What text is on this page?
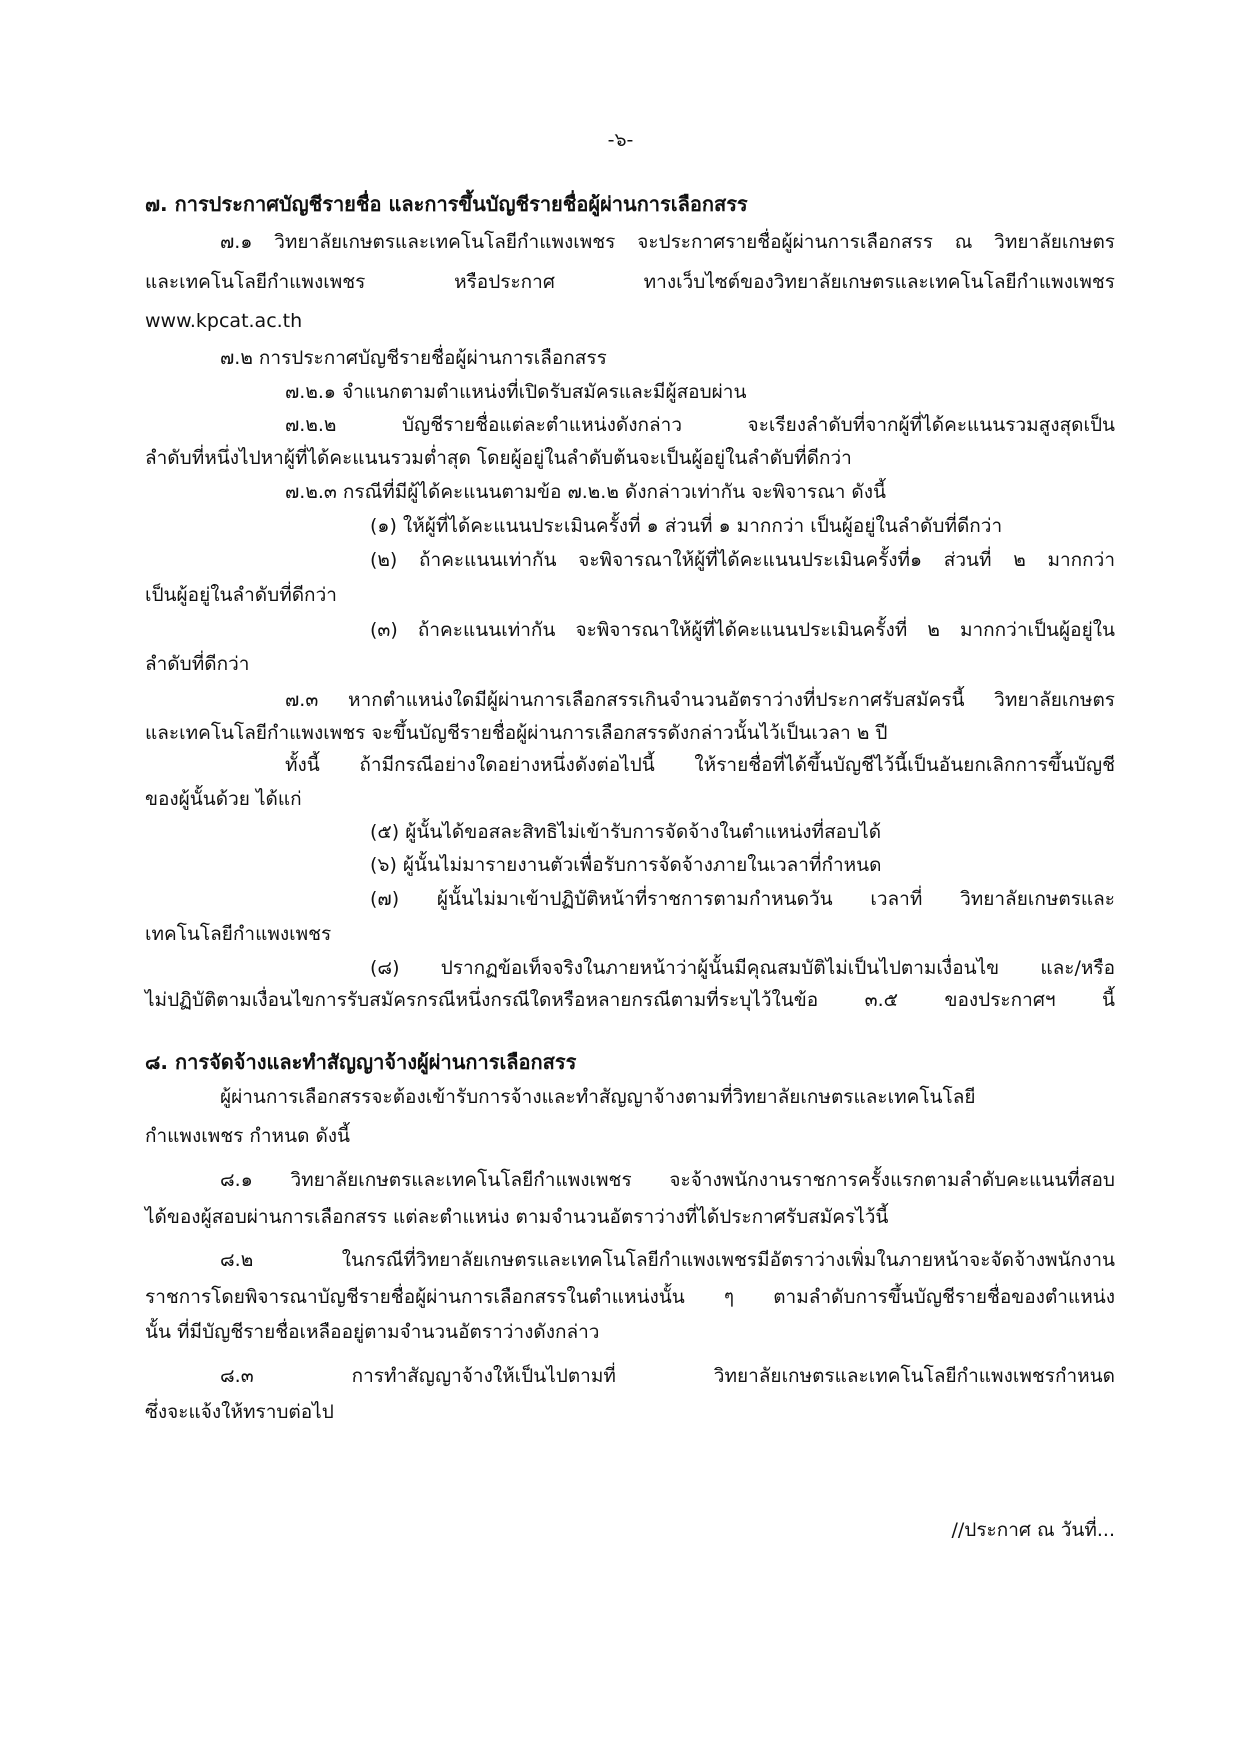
-๖-
๗. การประกาศบัญชีรายชื่อ และการขึ้นบัญชีรายชื่อผู้ผ่านการเลือกสรร
๗.๑ วิทยาลัยเกษตรและเทคโนโลยีกำแพงเพชร จะประกาศรายชื่อผู้ผ่านการเลือกสรร ณ วิทยาลัยเกษตร
และเทคโนโลยีกำแพงเพชร หรือประกาศ ทางเว็บไซต์ของวิทยาลัยเกษตรและเทคโนโลยีกำแพงเพชร
www.kpcat.ac.th
๗.๒ การประกาศบัญชีรายชื่อผู้ผ่านการเลือกสรร
๗.๒.๑ จำแนกตามตำแหน่งที่เปิดรับสมัครและมีผู้สอบผ่าน
๗.๒.๒ บัญชีรายชื่อแต่ละตำแหน่งดังกล่าว จะเรียงลำดับที่จากผู้ที่ได้คะแนนรวมสูงสุดเป็น
ลำดับที่หนึ่งไปหาผู้ที่ได้คะแนนรวมต่ำสุด โดยผู้อยู่ในลำดับต้นจะเป็นผู้อยู่ในลำดับที่ดีกว่า
๗.๒.๓ กรณีที่มีผู้ได้คะแนนตามข้อ ๗.๒.๒ ดังกล่าวเท่ากัน จะพิจารณา ดังนี้
(๑) ให้ผู้ที่ได้คะแนนประเมินครั้งที่ ๑ ส่วนที่ ๑ มากกว่า เป็นผู้อยู่ในลำดับที่ดีกว่า
(๒) ถ้าคะแนนเท่ากัน จะพิจารณาให้ผู้ที่ได้คะแนนประเมินครั้งที่๑ ส่วนที่ ๒ มากกว่า
เป็นผู้อยู่ในลำดับที่ดีกว่า
(๓) ถ้าคะแนนเท่ากัน จะพิจารณาให้ผู้ที่ได้คะแนนประเมินครั้งที่ ๒ มากกว่าเป็นผู้อยู่ใน
ลำดับที่ดีกว่า
๗.๓ หากตำแหน่งใดมีผู้ผ่านการเลือกสรรเกินจำนวนอัตราว่างที่ประกาศรับสมัครนี้ วิทยาลัยเกษตร
และเทคโนโลยีกำแพงเพชร จะขึ้นบัญชีรายชื่อผู้ผ่านการเลือกสรรดังกล่าวนั้นไว้เป็นเวลา ๒ ปี
ทั้งนี้ ถ้ามีกรณีอย่างใดอย่างหนึ่งดังต่อไปนี้ ให้รายชื่อที่ได้ขึ้นบัญชีไว้นี้เป็นอันยกเลิกการขึ้นบัญชี
ของผู้นั้นด้วย ได้แก่
(๕) ผู้นั้นได้ขอสละสิทธิไม่เข้ารับการจัดจ้างในตำแหน่งที่สอบได้
(๖) ผู้นั้นไม่มารายงานตัวเพื่อรับการจัดจ้างภายในเวลาที่กำหนด
(๗) ผู้นั้นไม่มาเข้าปฏิบัติหน้าที่ราชการตามกำหนดวัน เวลาที่ วิทยาลัยเกษตรและ
เทคโนโลยีกำแพงเพชร
(๘) ปรากฏข้อเท็จจริงในภายหน้าว่าผู้นั้นมีคุณสมบัติไม่เป็นไปตามเงื่อนไข และ/หรือ
ไม่ปฏิบัติตามเงื่อนไขการรับสมัครกรณีหนึ่งกรณีใดหรือหลายกรณีตามที่ระบุไว้ในข้อ ๓.๕ ของประกาศฯ นี้
๘. การจัดจ้างและทำสัญญาจ้างผู้ผ่านการเลือกสรร
ผู้ผ่านการเลือกสรรจะต้องเข้ารับการจ้างและทำสัญญาจ้างตามที่วิทยาลัยเกษตรและเทคโนโลยี
กำแพงเพชร กำหนด ดังนี้
๘.๑ วิทยาลัยเกษตรและเทคโนโลยีกำแพงเพชร จะจ้างพนักงานราชการครั้งแรกตามลำดับคะแนนที่สอบ
ได้ของผู้สอบผ่านการเลือกสรร แต่ละตำแหน่ง ตามจำนวนอัตราว่างที่ได้ประกาศรับสมัครไว้นี้
๘.๒ ในกรณีที่วิทยาลัยเกษตรและเทคโนโลยีกำแพงเพชรมีอัตราว่างเพิ่มในภายหน้าจะจัดจ้างพนักงาน
ราชการโดยพิจารณาบัญชีรายชื่อผู้ผ่านการเลือกสรรในตำแหน่งนั้น ๆ ตามลำดับการขึ้นบัญชีรายชื่อของตำแหน่ง
นั้น ที่มีบัญชีรายชื่อเหลืออยู่ตามจำนวนอัตราว่างดังกล่าว
๘.๓ การทำสัญญาจ้างให้เป็นไปตามที่ วิทยาลัยเกษตรและเทคโนโลยีกำแพงเพชรกำหนด
ซึ่งจะแจ้งให้ทราบต่อไป
//ประกาศ ณ วันที่...
